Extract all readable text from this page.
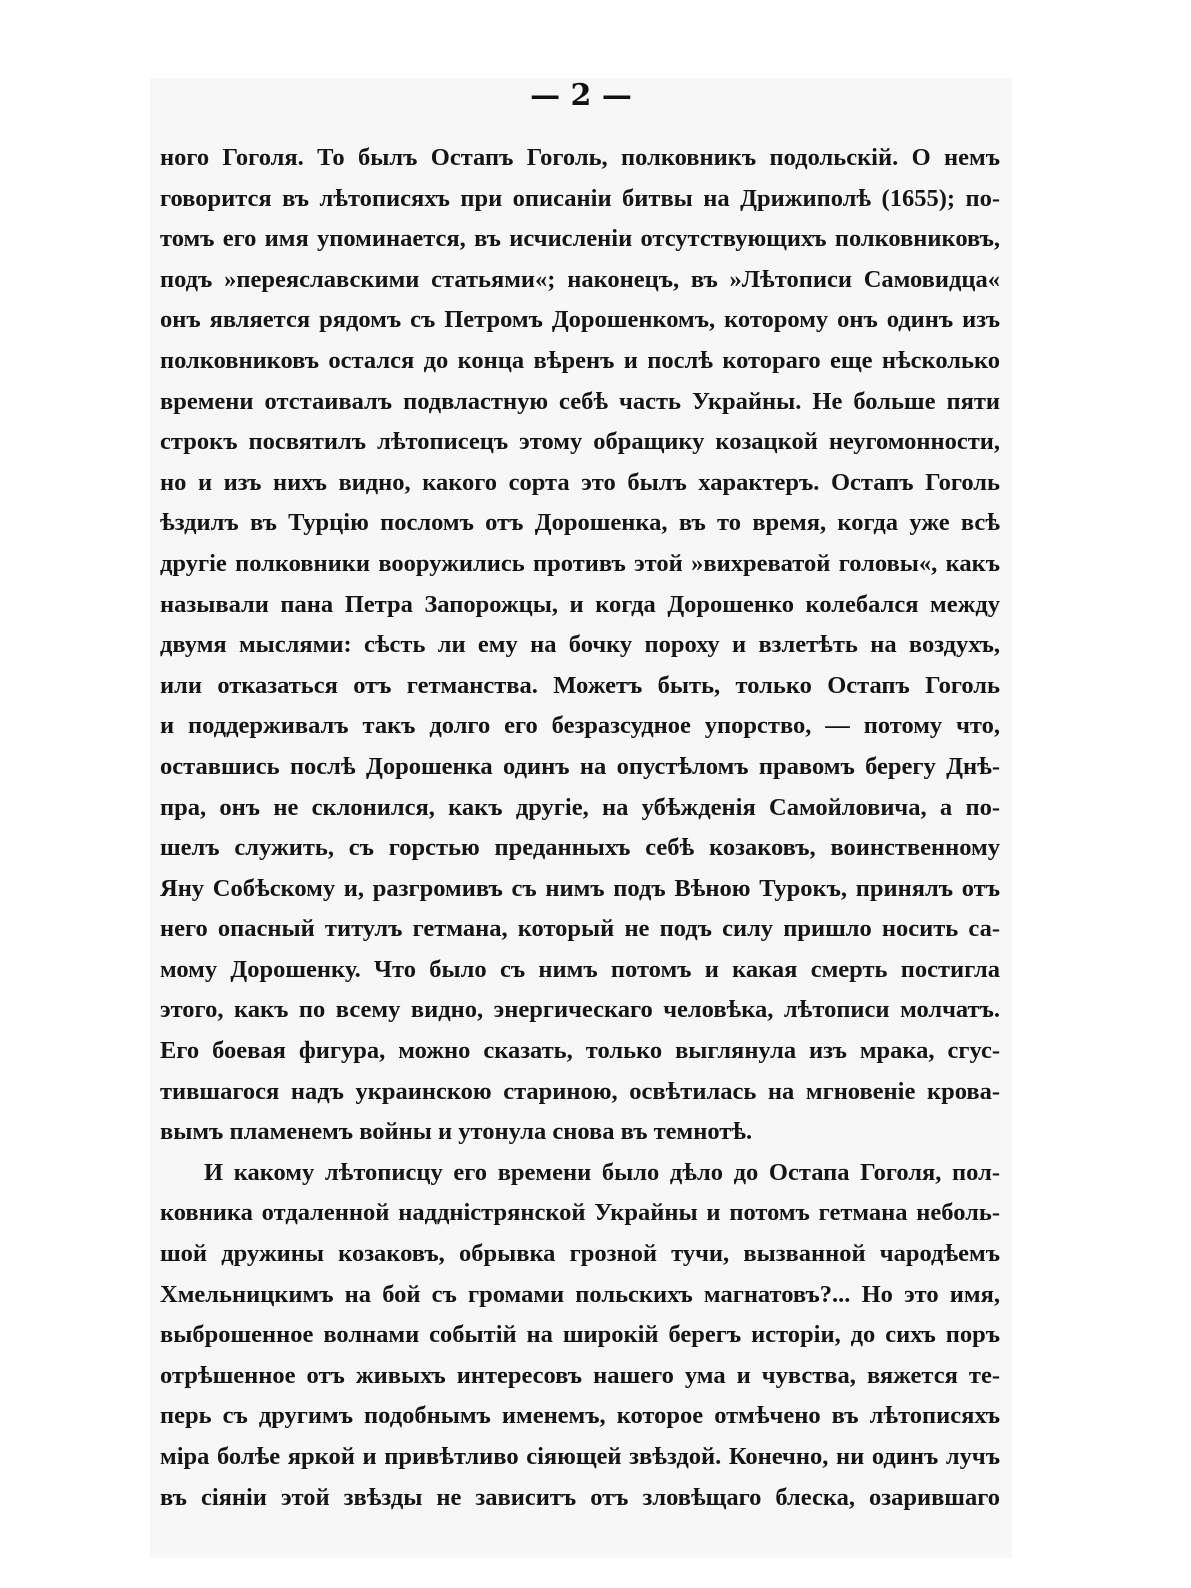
— 2 —
ного Гоголя. То былъ Остапъ Гоголь, полковникъ подольскій. О немъ
говорится въ лѣтописяхъ при описаніи битвы на Дрижиполѣ (1655); по-
томъ его имя упоминается, въ исчисленіи отсутствующихъ полковниковъ,
подъ »переяславскими статьями«; наконецъ, въ »Лѣтописи Самовидца«
онъ является рядомъ съ Петромъ Дорошенкомъ, которому онъ одинъ изъ
полковниковъ остался до конца вѣренъ и послѣ котораго еще нѣсколько
времени отстаивалъ подвластную себѣ часть Украйны. Не больше пяти
строкъ посвятилъ лѣтописецъ этому обращику козацкой неугомонности,
но и изъ нихъ видно, какого сорта это былъ характеръ. Остапъ Гоголь
ѣздилъ въ Турцію посломъ отъ Дорошенка, въ то время, когда уже всѣ
другіе полковники вооружились противъ этой »вихреватой головы«, какъ
называли пана Петра Запорожцы, и когда Дорошенко колебался между
двумя мыслями: сѣсть ли ему на бочку пороху и взлетѣть на воздухъ,
или отказаться отъ гетманства. Можетъ быть, только Остапъ Гоголь
и поддерживалъ такъ долго его безразсудное упорство, — потому что,
оставшись послѣ Дорошенка одинъ на опустѣломъ правомъ берегу Днѣ-
пра, онъ не склонился, какъ другіе, на убѣжденія Самойловича, а по-
шелъ служить, съ горстью преданныхъ себѣ козаковъ, воинственному
Яну Собѣскому и, разгромивъ съ нимъ подъ Вѣною Турокъ, принялъ отъ
него опасный титулъ гетмана, который не подъ силу пришло носить са-
мому Дорошенку. Что было съ нимъ потомъ и какая смерть постигла
этого, какъ по всему видно, энергическаго человѣка, лѣтописи молчатъ.
Его боевая фигура, можно сказать, только выглянула изъ мрака, сгус-
тившагося надъ украинскою стариною, освѣтилась на мгновеніе крова-
вымъ пламенемъ войны и утонула снова въ темнотѣ.
И какому лѣтописцу его времени было дѣло до Остапа Гоголя, пол-
ковника отдаленной наддністрянской Украйны и потомъ гетмана неболь-
шой дружины козаковъ, обрывка грозной тучи, вызванной чародѣемъ
Хмельницкимъ на бой съ громами польскихъ магнатовъ?... Но это имя,
выброшенное волнами событій на широкій берегъ исторіи, до сихъ поръ
отрѣшенное отъ живыхъ интересовъ нашего ума и чувства, вяжется те-
перь съ другимъ подобнымъ именемъ, которое отмѣчено въ лѣтописяхъ
міра болѣе яркой и привѣтливо сіяющей звѣздой. Конечно, ни одинъ лучъ
въ сіяніи этой звѣзды не зависитъ отъ зловѣщаго блеска, озарившаго
